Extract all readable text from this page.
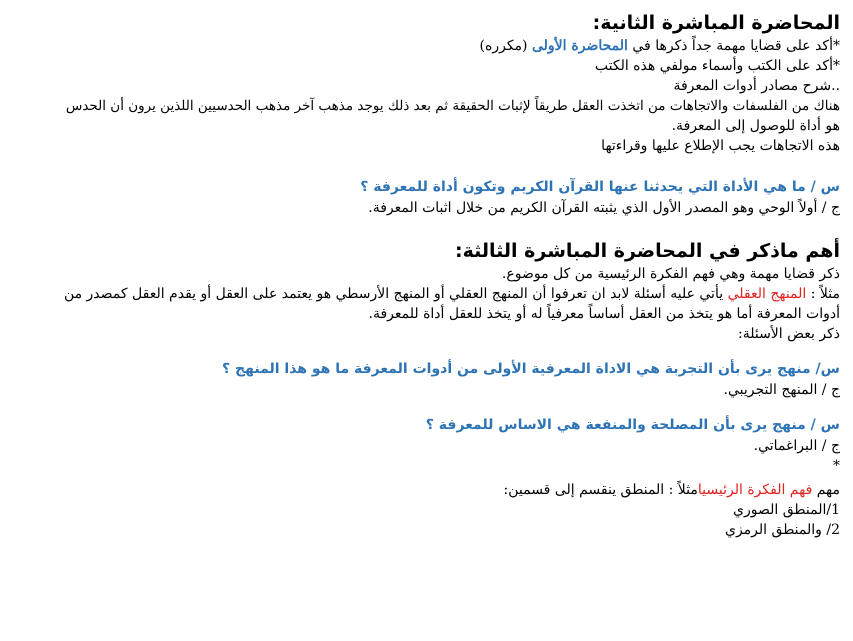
المحاضرة المباشرة الثانية:

*أكد على قضايا مهمة جداً ذكرها في المحاضرة الأولى (مكرره)

*أكد على الكتب وأسماء مولفي هذه الكتب

..شرح مصادر أدوات المعرفة

هناك من الفلسفات والاتجاهات من اتخذت العقل طريقاً لإثبات الحقيقة ثم بعد ذلك يوجد مذهب آخر مذهب الحدسيين اللذين يرون أن الحدس

هو أداة للوصول إلى المعرفة.

هذه الاتجاهات يجب الإطلاع عليها وقراءتها

س / ما هي الأداة التي يحدثنا عنها القرآن الكريم وتكون أداة للمعرفة ؟

ج / أولاً الوحي وهو المصدر الأول الذي يثبته القرآن الكريم من خلال اثبات المعرفة.

أهم ماذكر في المحاضرة المباشرة الثالثة:

ذكر قضايا مهمة وهي فهم الفكرة الرئيسية من كل موضوع.

مثلاً : المنهج العقلي يأتي عليه أسئلة لابد ان تعرفوا أن المنهج العقلي أو المنهج الأرسطي هو يعتمد على العقل أو يقدم العقل كمصدر من

أدوات المعرفة أما هو يتخذ من العقل أساساً معرفياً له أو يتخذ للعقل أداة للمعرفة.

ذكر بعض الأسئلة:

س/ منهج يرى بأن التجربة هي الاداة المعرفية الأولى من أدوات المعرفة ما هو هذا المنهج ؟

ج / المنهج التجريبي.

س / منهج يرى بأن المصلحة والمنفعة هي الاساس للمعرفة ؟

ج / البراغماتي.

*

مهم فهم الفكرة الرئيسيامثلاً : المنطق ينقسم إلى قسمين:

1/المنطق الصوري

2/ والمنطق الرمزي
